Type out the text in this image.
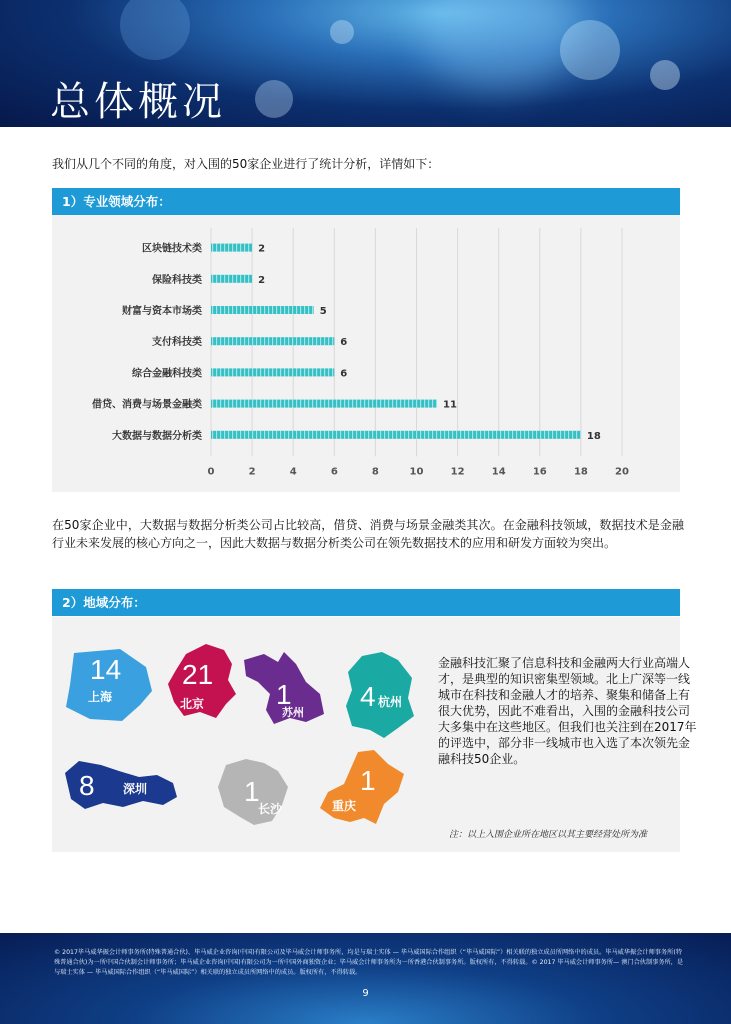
总体概况
我们从几个不同的角度，对入围的50家企业进行了统计分析，详情如下：
1）专业领域分布：
0	2	4	6	8	10	12	14	16	18	20
区块链技术类	2
保险科技类	2
财富与资本市场类	5
支付科技类	6
综合金融科技类	6
借贷、消费与场景金融类	11
大数据与数据分析类	18
在50家企业中，大数据与数据分析类公司占比较高，借贷、消费与场景金融类其次。在金融科技领域，数据技术是金融行业未来发展的核心方向之一，因此大数据与数据分析类公司在领先数据技术的应用和研发方面较为突出。
2）地域分布：
14
上海
21
北京	1
苏州
4 杭州
8 深圳	1
长沙
1
重庆
金融科技汇聚了信息科技和金融两大行业高端人才，是典型的知识密集型领域。北上广深等一线城市在科技和金融人才的培养、聚集和储备上有很大优势，因此不难看出，入围的金融科技公司大多集中在这些地区。但我们也关注到在2017年的评选中，部分非一线城市也入选了本次领先金融科技50企业。
注：以上入围企业所在地区以其主要经营处所为准
© 2017毕马威华振会计师事务所(特殊普通合伙)、毕马威企业咨询(中国)有限公司及毕马威会计师事务所，均是与瑞士实体 — 毕马威国际合作组织（“毕马威国际”）相关联的独立成员所网络中的成员。毕马威华振会计师事务所(特殊普通合伙)为一所中国合伙制会计师事务所；毕马威企业咨询(中国)有限公司为一所中国外商独资企业；毕马威会计师事务所为一所香港合伙制事务所。版权所有，不得转载。© 2017 毕马威会计师事务所— 澳门合伙制事务所，是与瑞士实体 — 毕马威国际合作组织（“毕马威国际”）相关联的独立成员所网络中的成员。版权所有，不得转载。
9
